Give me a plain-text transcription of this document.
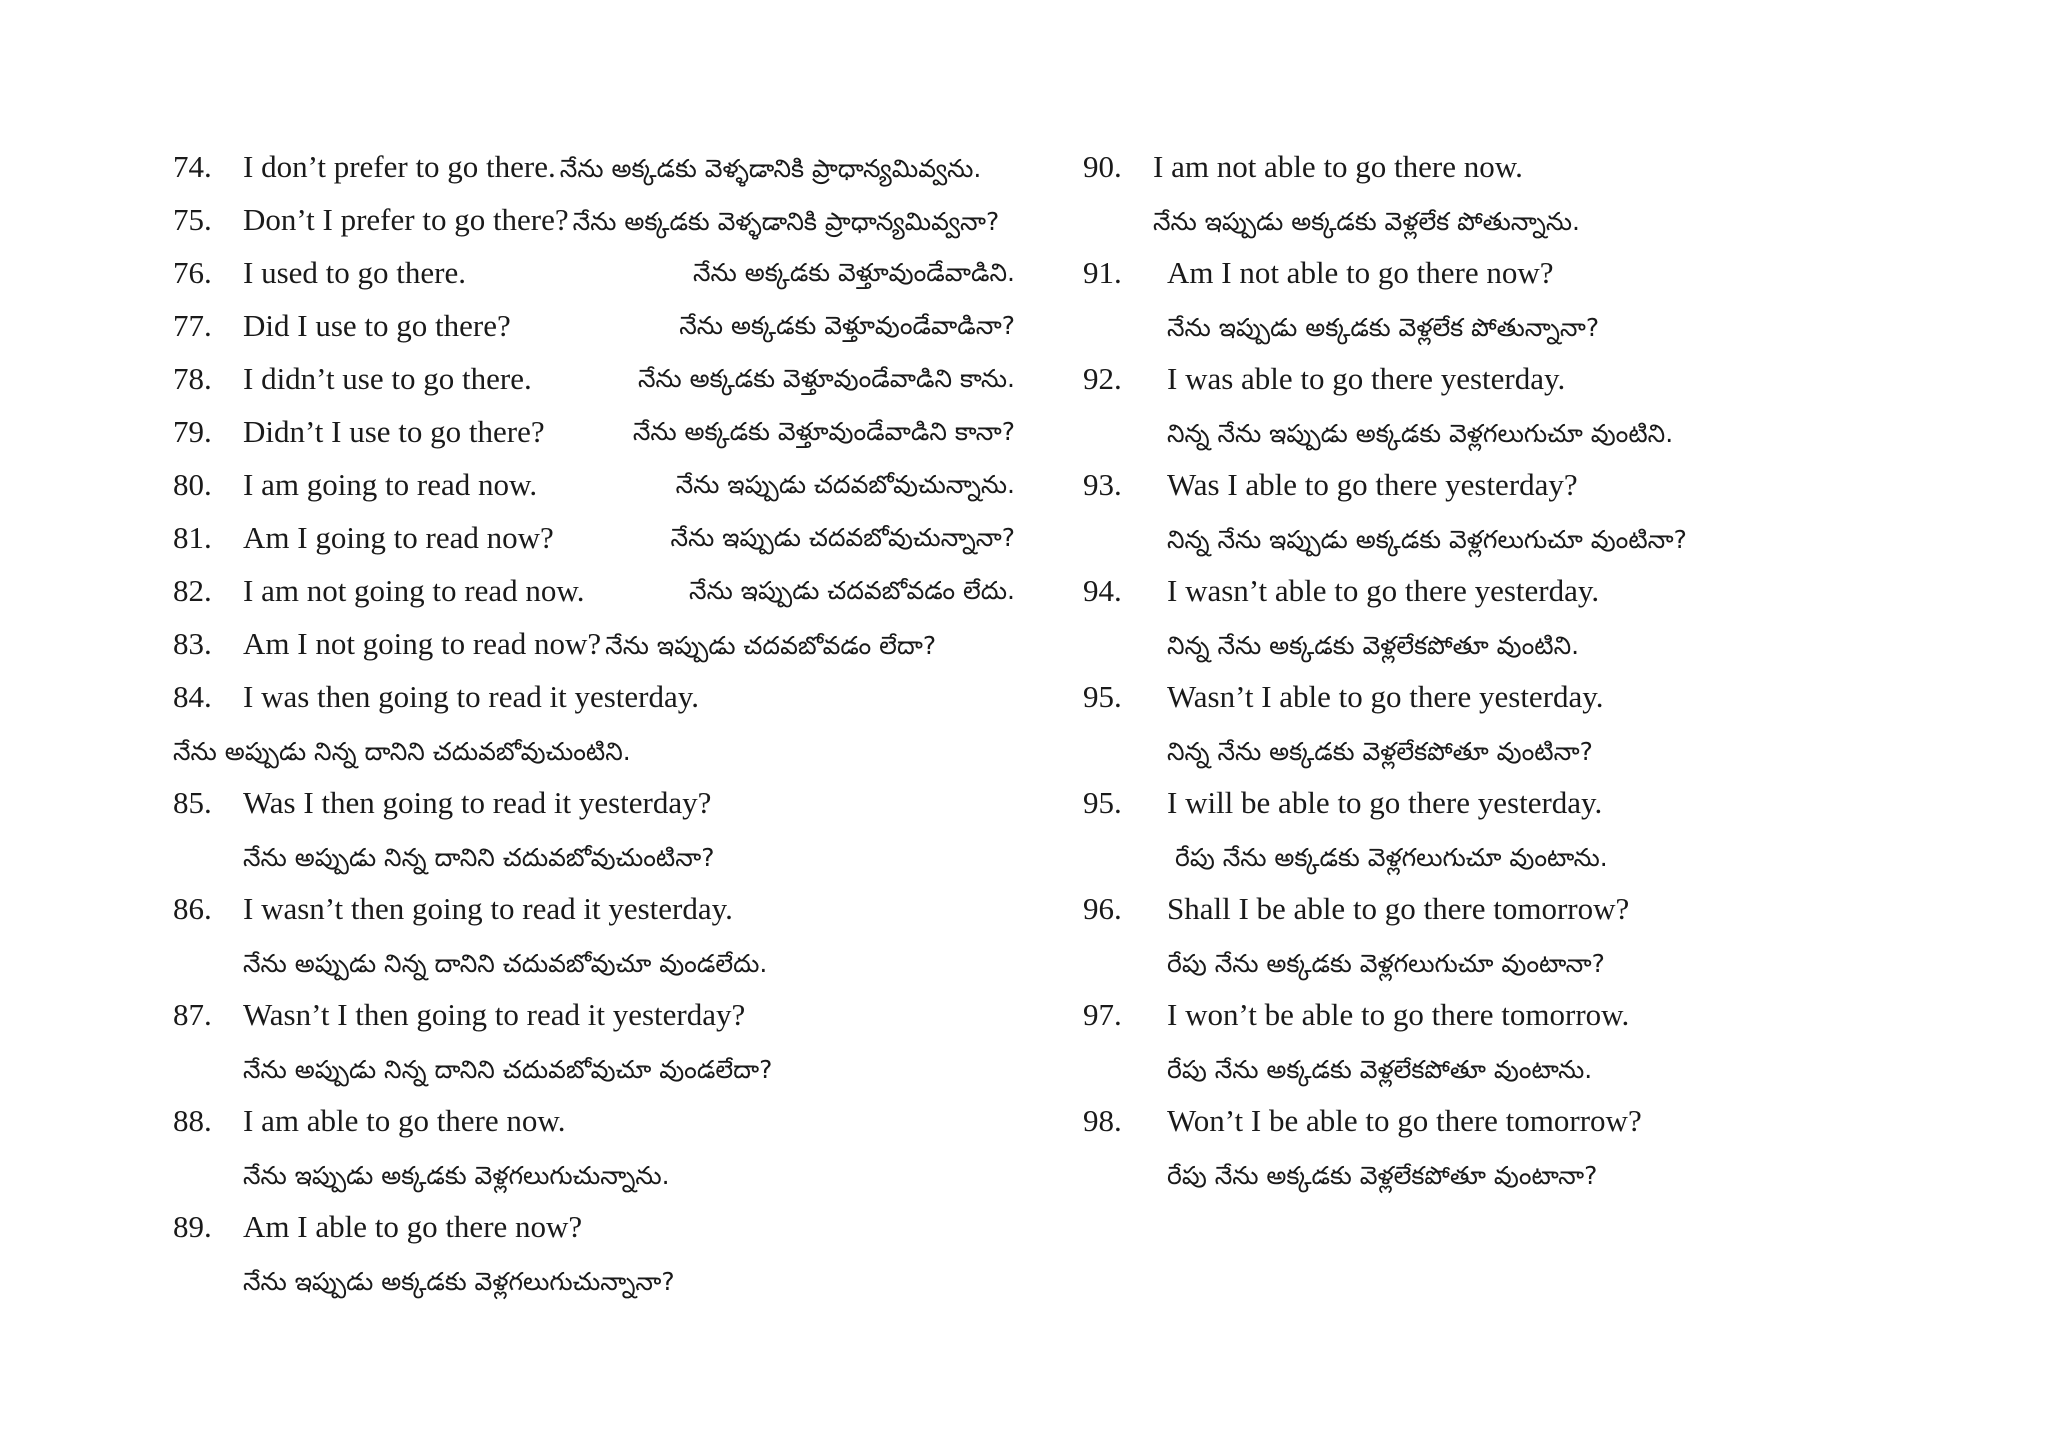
74. I don’t prefer to go there. నేను అక్కడకు వెళ్ళడానికి ప్రాధాన్యమివ్వను.
75. Don’t I prefer to go there? నేను అక్కడకు వెళ్ళడానికి ప్రాధాన్యమివ్వనా?
76. I used to go there.	నేను అక్కడకు వెళ్తూవుండేవాడిని.
77. Did I use to go there?	నేను అక్కడకు వెళ్తూవుండేవాడినా?
78. I didn’t use to go there.	నేను అక్కడకు వెళ్తూవుండేవాడిని కాను.
79. Didn’t I use to go there?	నేను అక్కడకు వెళ్తూవుండేవాడిని కానా?
80. I am going to read now.	నేను ఇప్పుడు చదవబోవుచున్నాను.
81. Am I going to read now?	నేను ఇప్పుడు చదవబోవుచున్నానా?
82. I am not going to read now.	నేను ఇప్పుడు చదవబోవడం లేదు.
83. Am I not going to read now? నేను ఇప్పుడు చదవబోవడం లేదా?
84. I was then going to read it yesterday.
నేను అప్పుడు నిన్న దానిని చదువబోవుచుంటిని.
85. Was I then going to read it yesterday?
నేను అప్పుడు నిన్న దానిని చదువబోవుచుంటినా?
86. I wasn’t then going to read it yesterday.
నేను అప్పుడు నిన్న దానిని చదువబోవుచూ వుండలేదు.
87. Wasn’t I then going to read it yesterday?
నేను అప్పుడు నిన్న దానిని చదువబోవుచూ వుండలేదా?
88. I am able to go there now.
నేను ఇప్పుడు అక్కడకు వెళ్లగలుగుచున్నాను.
89. Am I able to go there now?
నేను ఇప్పుడు అక్కడకు వెళ్లగలుగుచున్నానా?
90. I am not able to go there now.
నేను ఇప్పుడు అక్కడకు వెళ్లలేక పోతున్నాను.
91. Am I not able to go there now?
నేను ఇప్పుడు అక్కడకు వెళ్లలేక పోతున్నానా?
92. I was able to go there yesterday.
నిన్న నేను ఇప్పుడు అక్కడకు వెళ్లగలుగుచూ వుంటిని.
93. Was I able to go there yesterday?
నిన్న నేను ఇప్పుడు అక్కడకు వెళ్లగలుగుచూ వుంటినా?
94. I wasn’t able to go there yesterday.
నిన్న నేను అక్కడకు వెళ్లలేకపోతూ వుంటిని.
95. Wasn’t I able to go there yesterday.
నిన్న నేను అక్కడకు వెళ్లలేకపోతూ వుంటినా?
95. I will be able to go there yesterday.
రేపు నేను అక్కడకు వెళ్లగలుగుచూ వుంటాను.
96. Shall I be able to go there tomorrow?
రేపు నేను అక్కడకు వెళ్లగలుగుచూ వుంటానా?
97. I won’t be able to go there tomorrow.
రేపు నేను అక్కడకు వెళ్లలేకపోతూ వుంటాను.
98. Won’t I be able to go there tomorrow?
రేపు నేను అక్కడకు వెళ్లలేకపోతూ వుంటానా?
